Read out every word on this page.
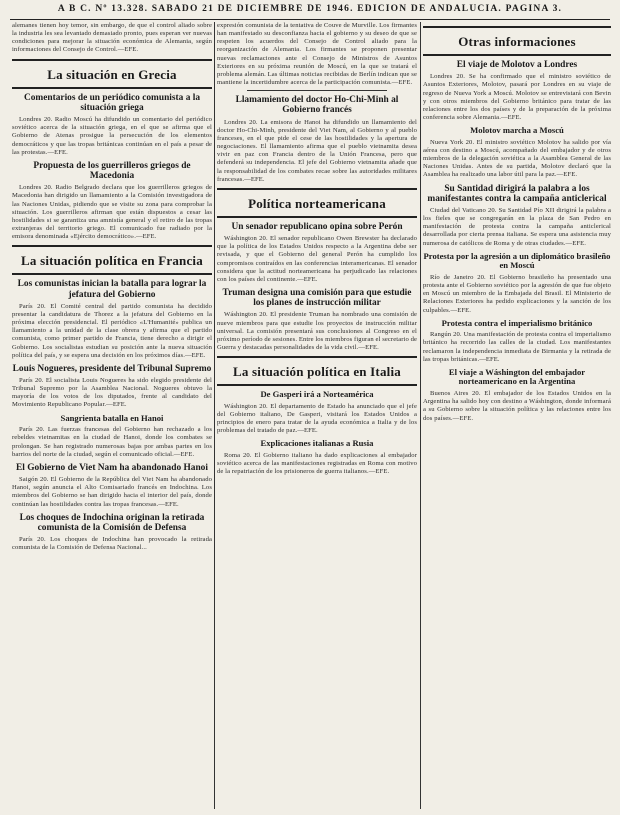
A B C. Nº 13.328. SABADO 21 DE DICIEMBRE DE 1946. EDICION DE ANDALUCIA. PAGINA 3.

alemanes tienen hoy temor, sin embargo, de que el control aliado sobre la industria les sea levantado demasiado pronto, pues esperan ver nuevas condiciones para mejorar la situación económica de Alemania, según informaciones del Consejo de Control.—EFE.

La situación en Grecia
Comentarios de un periódico comunista a la situación griega

Londres 20. Radio Moscú ha difundido un comentario del periódico soviético acerca de la situación griega, en el que se afirma que el Gobierno de Atenas prosigue la persecución de los elementos democráticos y que las tropas británicas continúan en el país a pesar de las protestas.—EFE.

Propuesta de los guerrilleros griegos de Macedonia

Londres 20. Radio Belgrado declara que los guerrilleros griegos de Macedonia han dirigido un llamamiento a la Comisión investigadora de las Naciones Unidas, pidiendo que se visite su zona para comprobar la situación. Los guerrilleros afirman que están dispuestos a cesar las hostilidades si se garantiza una amnistía general y el retiro de las tropas extranjeras del territorio griego. El comunicado fue radiado por la emisora denominada «Ejército democrático».—EFE.

La situación política en Francia
Los comunistas inician la batalla para lograr la jefatura del Gobierno

París 20. El Comité central del partido comunista ha decidido presentar la candidatura de Thorez a la jefatura del Gobierno en la próxima elección presidencial. El periódico «L'Humanité» publica un llamamiento a la unidad de la clase obrera y afirma que el partido comunista, como primer partido de Francia, tiene derecho a dirigir el Gobierno. Los socialistas estudian su posición ante la nueva situación política del país, y se espera una decisión en los próximos días.—EFE.

Louis Nogueres, presidente del Tribunal Supremo

París 20. El socialista Louis Nogueres ha sido elegido presidente del Tribunal Supremo por la Asamblea Nacional. Nogueres obtuvo la mayoría de los votos de los diputados, frente al candidato del Movimiento Republicano Popular.—EFE.

Sangrienta batalla en Hanoi

París 20. Las fuerzas francesas del Gobierno han rechazado a los rebeldes vietnamitas en la ciudad de Hanoi, donde los combates se prolongan. Se han registrado numerosas bajas por ambas partes en los barrios del norte de la ciudad, según el comunicado oficial.—EFE.

El Gobierno de Viet Nam ha abandonado Hanoi

Saigón 20. El Gobierno de la República del Viet Nam ha abandonado Hanoi, según anuncia el Alto Comisariado francés en Indochina. Los miembros del Gobierno se han dirigido hacia el interior del país, donde continúan las hostilidades contra las tropas francesas.—EFE.

Los choques de Indochina originan la retirada comunista de la Comisión de Defensa

París 20. Los choques de Indochina han provocado la retirada comunista de la Comisión de Defensa Nacional...

expresión comunista de la tentativa de Couve de Murville. Los firmantes han manifestado su desconfianza hacia el gobierno y su deseo de que se respeten los acuerdos del Consejo de Control aliado para la reorganización de Alemania. Los firmantes se proponen presentar nuevas reclamaciones ante el Consejo de Ministros de Asuntos Exteriores en su próxima reunión de Moscú, en la que se tratará el problema alemán. Las últimas noticias recibidas de Berlín indican que se mantiene la incertidumbre acerca de la participación comunista.—EFE.

Llamamiento del doctor Ho-Chi-Minh al Gobierno francés

Londres 20. La emisora de Hanoi ha difundido un llamamiento del doctor Ho-Chi-Minh, presidente del Viet Nam, al Gobierno y al pueblo franceses, en el que pide el cese de las hostilidades y la apertura de negociaciones. El llamamiento afirma que el pueblo vietnamita desea vivir en paz con Francia dentro de la Unión Francesa, pero que defenderá su independencia. El jefe del Gobierno vietnamita añade que la responsabilidad de los combates recae sobre las autoridades militares francesas.—EFE.

Política norteamericana
Un senador republicano opina sobre Perón

Wáshington 20. El senador republicano Owen Brewster ha declarado que la política de los Estados Unidos respecto a la Argentina debe ser revisada, y que el Gobierno del general Perón ha cumplido los compromisos contraídos en las conferencias interamericanas. El senador considera que la actitud norteamericana ha perjudicado las relaciones con los países del continente.—EFE.

Truman designa una comisión para que estudie los planes de instrucción militar

Wáshington 20. El presidente Truman ha nombrado una comisión de nueve miembros para que estudie los proyectos de instrucción militar universal. La comisión presentará sus conclusiones al Congreso en el próximo período de sesiones. Entre los miembros figuran el secretario de Guerra y destacadas personalidades de la vida civil.—EFE.

La situación política en Italia
De Gasperi irá a Norteamérica

Wáshington 20. El departamento de Estado ha anunciado que el jefe del Gobierno italiano, De Gasperi, visitará los Estados Unidos a principios de enero para tratar de la ayuda económica a Italia y de los problemas del tratado de paz.—EFE.

Explicaciones italianas a Rusia

Roma 20. El Gobierno italiano ha dado explicaciones al embajador soviético acerca de las manifestaciones registradas en Roma con motivo de la repatriación de los prisioneros de guerra italianos.—EFE.

Otras informaciones
El viaje de Molotov a Londres

Londres 20. Se ha confirmado que el ministro soviético de Asuntos Exteriores, Molotov, pasará por Londres en su viaje de regreso de Nueva York a Moscú. Molotov se entrevistará con Bevin y con otros miembros del Gobierno británico para tratar de las relaciones entre los dos países y de la preparación de la próxima conferencia sobre Alemania.—EFE.

Molotov marcha a Moscú

Nueva York 20. El ministro soviético Molotov ha salido por vía aérea con destino a Moscú, acompañado del embajador y de otros miembros de la delegación soviética a la Asamblea General de las Naciones Unidas. Antes de su partida, Molotov declaró que la Asamblea ha realizado una labor útil para la paz.—EFE.

Su Santidad dirigirá la palabra a los manifestantes contra la campaña anticlerical

Ciudad del Vaticano 20. Su Santidad Pío XII dirigirá la palabra a los fieles que se congregarán en la plaza de San Pedro en manifestación de protesta contra la campaña anticlerical desarrollada por cierta prensa italiana. Se espera una asistencia muy numerosa de católicos de Roma y de otras ciudades.—EFE.

Protesta por la agresión a un diplomático brasileño en Moscú

Río de Janeiro 20. El Gobierno brasileño ha presentado una protesta ante el Gobierno soviético por la agresión de que fue objeto en Moscú un miembro de la Embajada del Brasil. El Ministerio de Relaciones Exteriores ha pedido explicaciones y la sanción de los culpables.—EFE.

Protesta contra el imperialismo británico

Rangún 20. Una manifestación de protesta contra el imperialismo británico ha recorrido las calles de la ciudad. Los manifestantes reclamaron la independencia inmediata de Birmania y la retirada de las tropas británicas.—EFE.

El viaje a Wáshington del embajador norteamericano en la Argentina

Buenos Aires 20. El embajador de los Estados Unidos en la Argentina ha salido hoy con destino a Wáshington, donde informará a su Gobierno sobre la situación política y las relaciones entre los dos países.—EFE.
